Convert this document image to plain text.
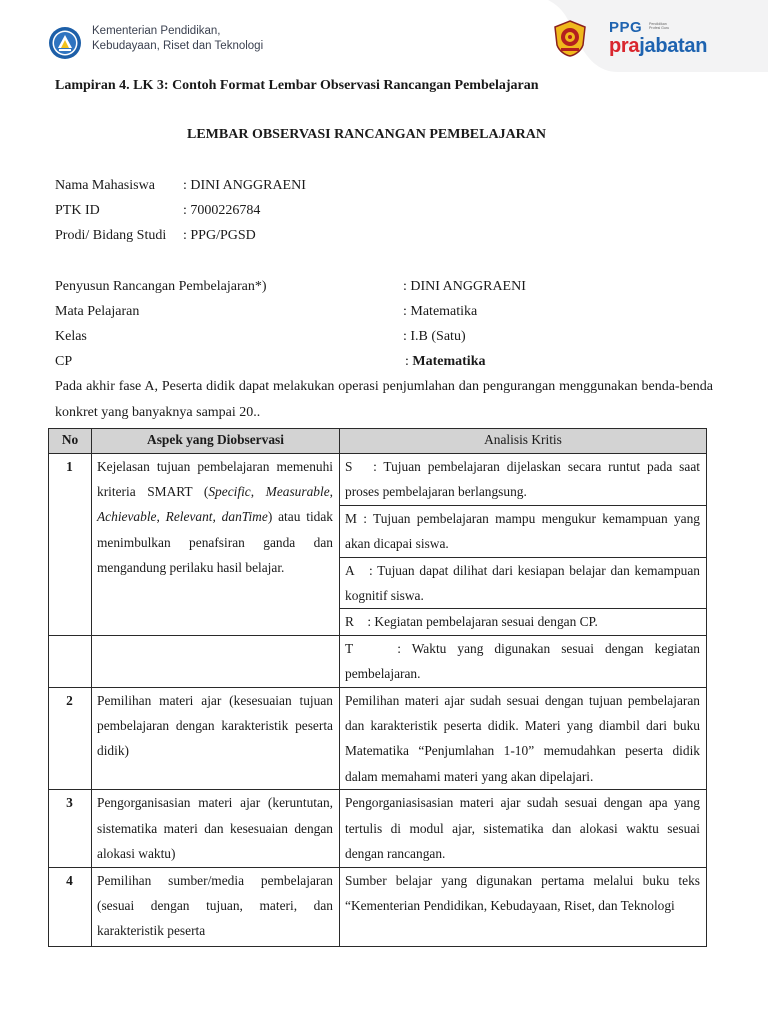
Kementerian Pendidikan,
Kebudayaan, Riset dan Teknologi
PPG	Pendidikan Profesi Guru
prajabatan
Lampiran 4. LK 3: Contoh Format Lembar Observasi Rancangan Pembelajaran
LEMBAR OBSERVASI RANCANGAN PEMBELAJARAN
Nama Mahasiswa : DINI ANGGRAENI
PTK ID	: 7000226784
Prodi/ Bidang Studi : PPG/PGSD
Penyusun Rancangan Pembelajaran*)	: DINI ANGGRAENI
Mata Pelajaran	: Matematika
Kelas	: I.B (Satu)
CP	: Matematika
Pada akhir fase A, Peserta didik dapat melakukan operasi penjumlahan dan pengurangan menggunakan benda-benda konkret yang banyaknya sampai 20..
No	Aspek yang Diobservasi	Analisis Kritis
1	Kejelasan tujuan pembelajaran memenuhi kriteria SMART (Specific, Measurable, Achievable, Relevant, danTime) atau tidak menimbulkan penafsiran ganda dan mengandung perilaku hasil belajar.	S : Tujuan pembelajaran dijelaskan secara runtut pada saat proses pembelajaran berlangsung.
		M : Tujuan pembelajaran mampu mengukur kemampuan yang akan dicapai siswa.
		A : Tujuan dapat dilihat dari kesiapan belajar dan kemampuan kognitif siswa.
		R : Kegiatan pembelajaran sesuai dengan CP.
		T : Waktu yang digunakan sesuai dengan kegiatan pembelajaran.
2	Pemilihan materi ajar (kesesuaian tujuan pembelajaran dengan karakteristik peserta didik)	Pemilihan materi ajar sudah sesuai dengan tujuan pembelajaran dan karakteristik peserta didik. Materi yang diambil dari buku Matematika “Penjumlahan 1-10” memudahkan peserta didik dalam memahami materi yang akan dipelajari.
3	Pengorganisasian materi ajar (keruntutan, sistematika materi dan kesesuaian dengan alokasi waktu)	Pengorganiasisasian materi ajar sudah sesuai dengan apa yang tertulis di modul ajar, sistematika dan alokasi waktu sesuai dengan rancangan.
4	Pemilihan sumber/media pembelajaran (sesuai dengan tujuan, materi, dan karakteristik peserta	Sumber belajar yang digunakan pertama melalui buku teks “Kementerian Pendidikan, Kebudayaan, Riset, dan Teknologi
